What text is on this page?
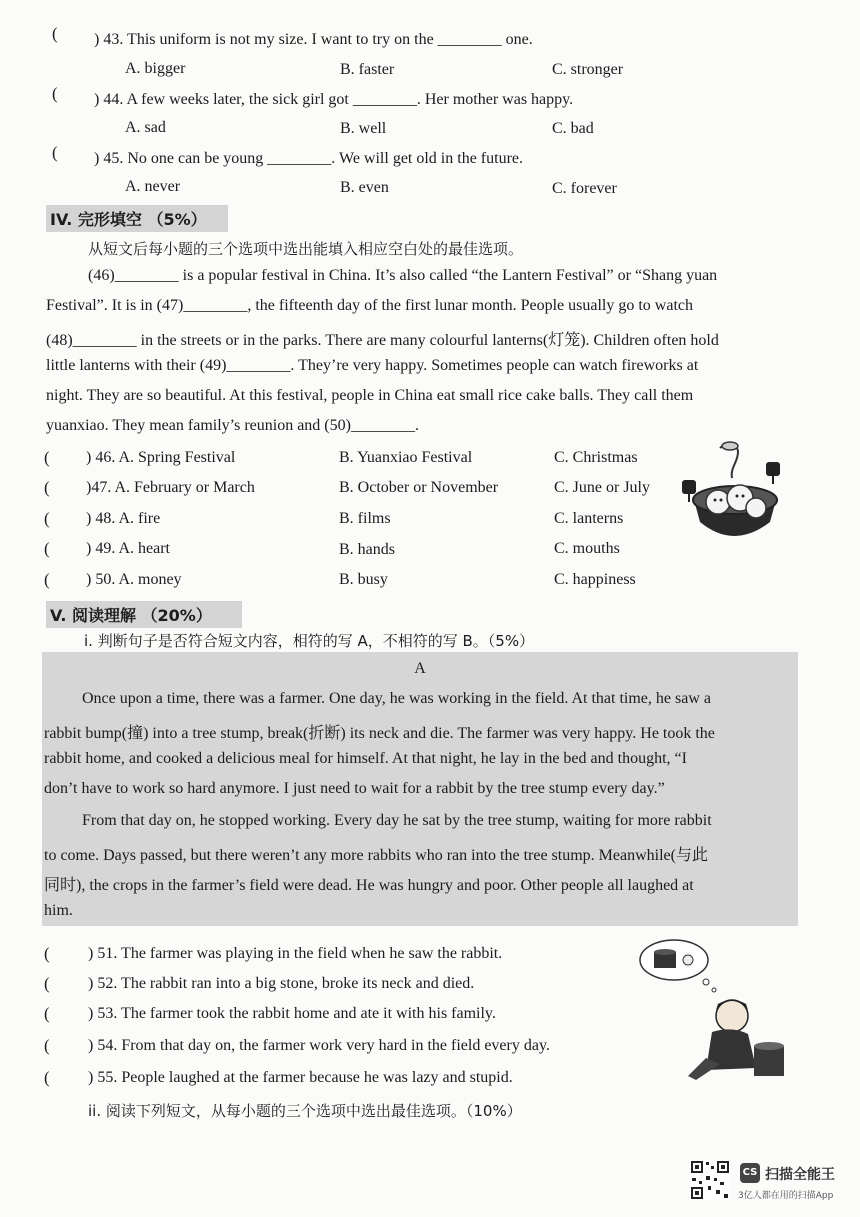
( ) 43. This uniform is not my size. I want to try on the ________ one.
A. bigger	B. faster	C. stronger
( ) 44. A few weeks later, the sick girl got ________. Her mother was happy.
A. sad	B. well	C. bad
( ) 45. No one can be young ________. We will get old in the future.
A. never	B. even	C. forever
IV. 完形填空 （5%）
从短文后每小题的三个选项中选出能填入相应空白处的最佳选项。
(46)________ is a popular festival in China. It’s also called “the Lantern Festival” or “Shang yuan
Festival”. It is in (47)________, the fifteenth day of the first lunar month. People usually go to watch
(48)________ in the streets or in the parks. There are many colourful lanterns(灯笼). Children often hold
little lanterns with their (49)________. They’re very happy. Sometimes people can watch fireworks at
night. They are so beautiful. At this festival, people in China eat small rice cake balls. They call them
yuanxiao. They mean family’s reunion and (50)________.
( ) 46. A. Spring Festival	B. Yuanxiao Festival	C. Christmas
( )47. A. February or March	B. October or November	C. June or July
( ) 48. A. fire	B. films	C. lanterns
( ) 49. A. heart	B. hands	C. mouths
( ) 50. A. money	B. busy	C. happiness
V. 阅读理解 （20%）
i. 判断句子是否符合短文内容，相符的写 A，不相符的写 B。（5%）
A
Once upon a time, there was a farmer. One day, he was working in the field. At that time, he saw a
rabbit bump(撞) into a tree stump, break(折断) its neck and die. The farmer was very happy. He took the
rabbit home, and cooked a delicious meal for himself. At that night, he lay in the bed and thought, “I
don’t have to work so hard anymore. I just need to wait for a rabbit by the tree stump every day.”
From that day on, he stopped working. Every day he sat by the tree stump, waiting for more rabbit
to come. Days passed, but there weren’t any more rabbits who ran into the tree stump. Meanwhile(与此
同时), the crops in the farmer’s field were dead. He was hungry and poor. Other people all laughed at
him.
( ) 51. The farmer was playing in the field when he saw the rabbit.
( ) 52. The rabbit ran into a big stone, broke its neck and died.
( ) 53. The farmer took the rabbit home and ate it with his family.
( ) 54. From that day on, the farmer work very hard in the field every day.
( ) 55. People laughed at the farmer because he was lazy and stupid.
ii. 阅读下列短文，从每小题的三个选项中选出最佳选项。（10%）
CS 扫描全能王
3亿人都在用的扫描App
